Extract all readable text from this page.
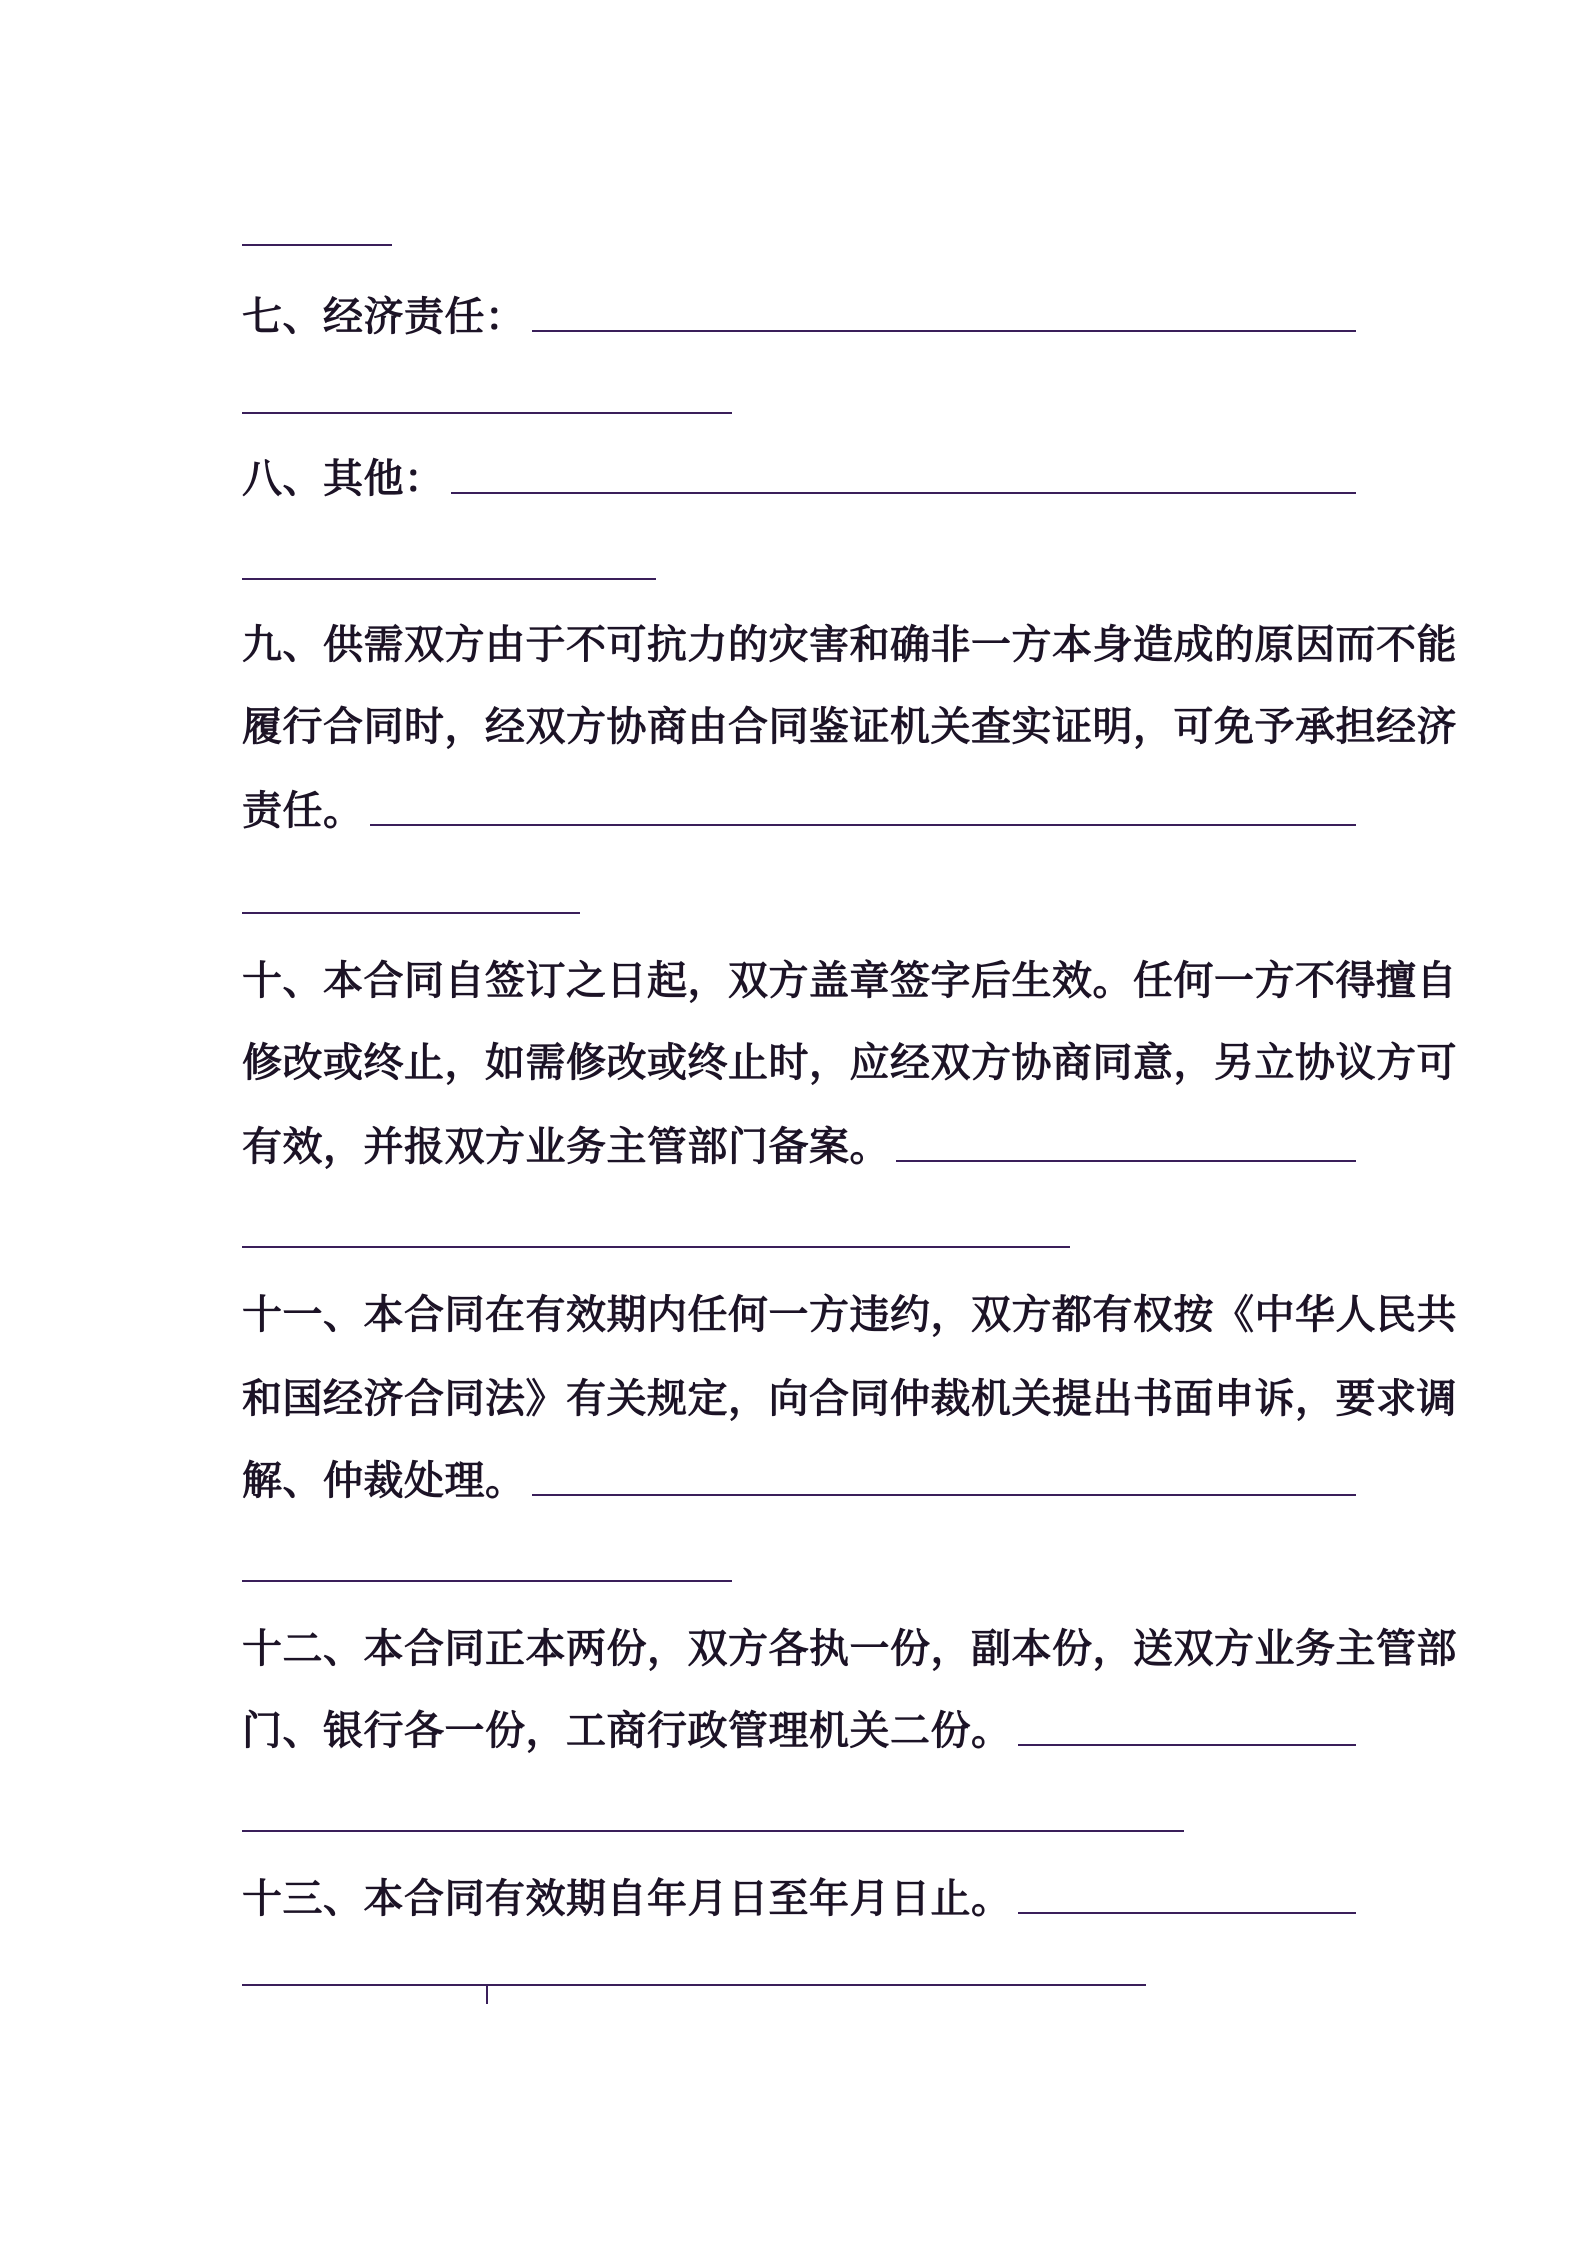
七、经济责任：
八、其他：
九、供需双方由于不可抗力的灾害和确非一方本身造成的原因而不能
履行合同时，经双方协商由合同鉴证机关查实证明，可免予承担经济
责任。
十、本合同自签订之日起，双方盖章签字后生效。任何一方不得擅自
修改或终止，如需修改或终止时，应经双方协商同意，另立协议方可
有效，并报双方业务主管部门备案。
十一、本合同在有效期内任何一方违约，双方都有权按《中华人民共
和国经济合同法》有关规定，向合同仲裁机关提出书面申诉，要求调
解、仲裁处理。
十二、本合同正本两份，双方各执一份，副本份，送双方业务主管部
门、银行各一份，工商行政管理机关二份。
十三、本合同有效期自年月日至年月日止。
